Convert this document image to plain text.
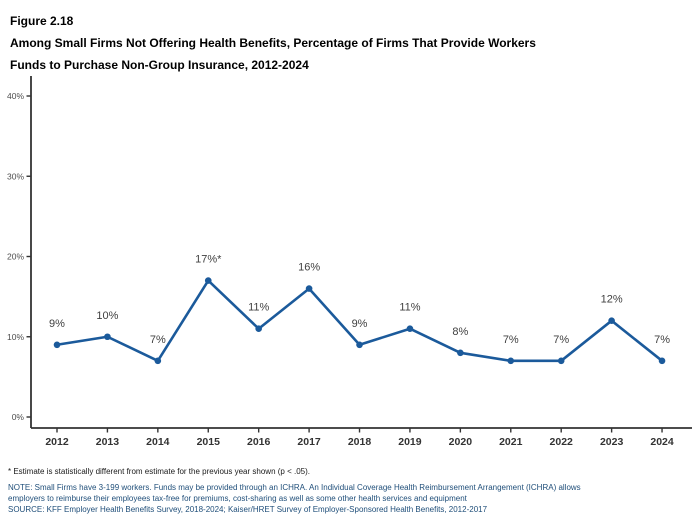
Figure 2.18
Among Small Firms Not Offering Health Benefits, Percentage of Firms That Provide Workers
Funds to Purchase Non-Group Insurance, 2012-2024
0%
10%
20%
30%
40%
2012	2013	2014	2015	2016	2017	2018	2019	2020	2021	2022	2023	2024
9%
10%
7%
17%*
11%
16%
9%
11%
8%
7%	7%
12%
7%
* Estimate is statistically different from estimate for the previous year shown (p < .05).
NOTE: Small Firms have 3-199 workers. Funds may be provided through an ICHRA. An Individual Coverage Health Reimbursement Arrangement (ICHRA) allows
employers to reimburse their employees tax-free for premiums, cost-sharing as well as some other health services and equipment
SOURCE: KFF Employer Health Benefits Survey, 2018-2024; Kaiser/HRET Survey of Employer-Sponsored Health Benefits, 2012-2017
